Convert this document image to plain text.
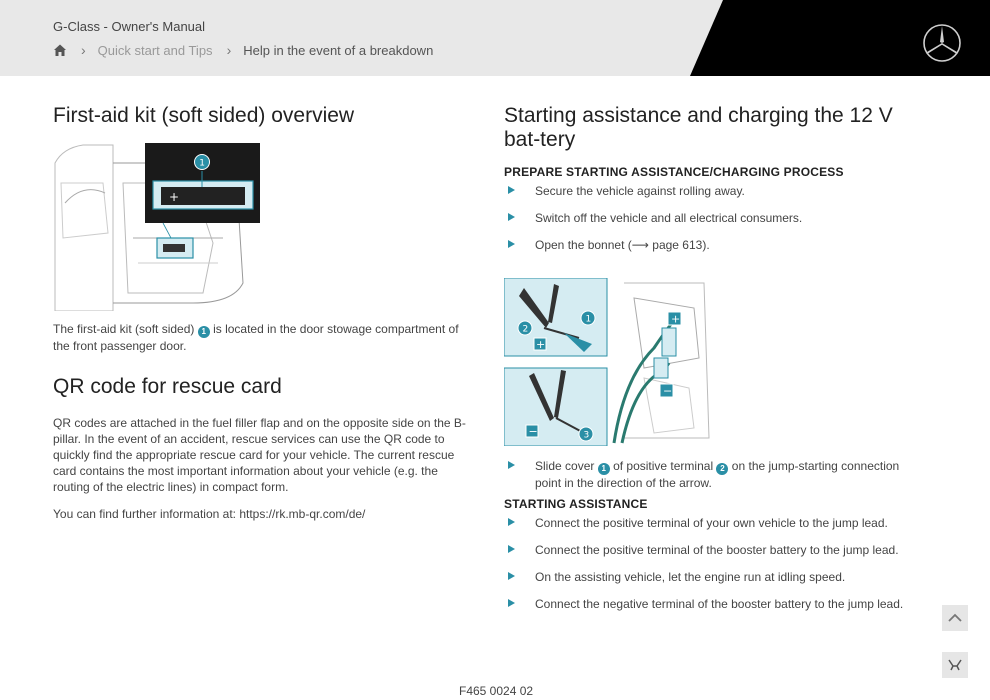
G-Class - Owner's Manual
› Quick start and Tips › Help in the event of a breakdown
First-aid kit (soft sided) overview
+
1

The first-aid kit (soft sided) 1 is located in the door stowage compartment of the front passenger door.

QR code for rescue card

QR codes are attached in the fuel filler flap and on the opposite side on the B-pillar. In the event of an accident, rescue services can use the QR code to quickly find the appropriate rescue card for your vehicle. The current rescue card contains the most important information about your vehicle (e.g. the routing of the electric lines) in compact form.

You can find further information at: https://rk.mb-qr.com/de/

Starting assistance and charging the 12 V bat-tery
PREPARE STARTING ASSISTANCE/CHARGING PROCESS
Secure the vehicle against rolling away.
Switch off the vehicle and all electrical consumers.
Open the bonnet (⟶ page 613).
2
1
+
−	3
+
−
Slide cover 1 of positive terminal 2 on the jump-starting connection point in the direction of the arrow.
STARTING ASSISTANCE
Connect the positive terminal of your own vehicle to the jump lead.
Connect the positive terminal of the booster battery to the jump lead.
On the assisting vehicle, let the engine run at idling speed.
Connect the negative terminal of the booster battery to the jump lead.
F465 0024 02
